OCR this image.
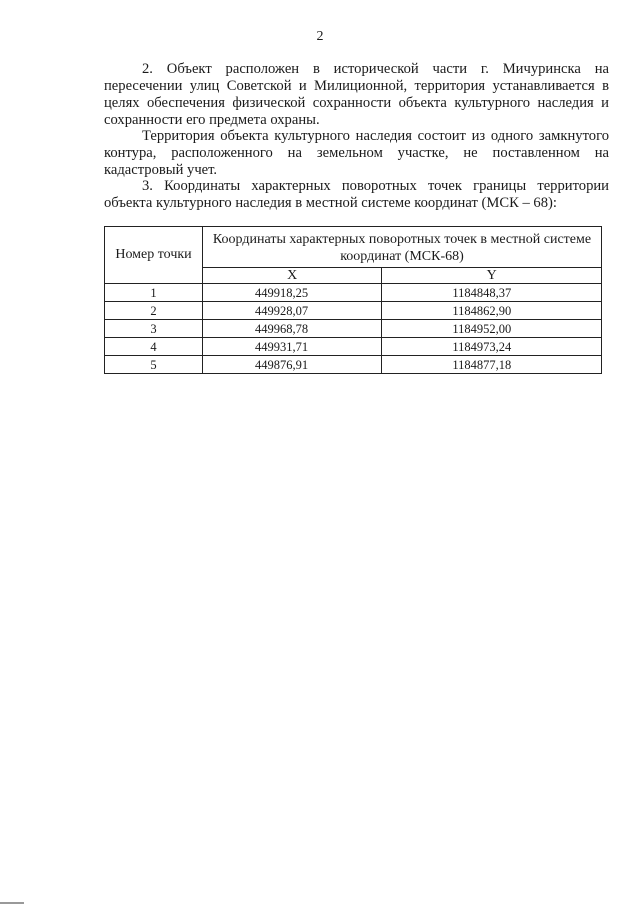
2

2. Объект расположен в исторической части г. Мичуринска на пересечении улиц Советской и Милиционной, территория устанавливается в целях обеспечения физической сохранности объекта культурного наследия и сохранности его предмета охраны.

Территория объекта культурного наследия состоит из одного замкнутого контура, расположенного на земельном участке, не поставленном на кадастровый учет.

3. Координаты характерных поворотных точек границы территории объекта культурного наследия в местной системе координат (МСК – 68):

Номер точки	Координаты характерных поворотных точек в местной системе координат (МСК-68)	
	X	Y
1	449918,25	1184848,37
2	449928,07	1184862,90
3	449968,78	1184952,00
4	449931,71	1184973,24
5	449876,91	1184877,18
